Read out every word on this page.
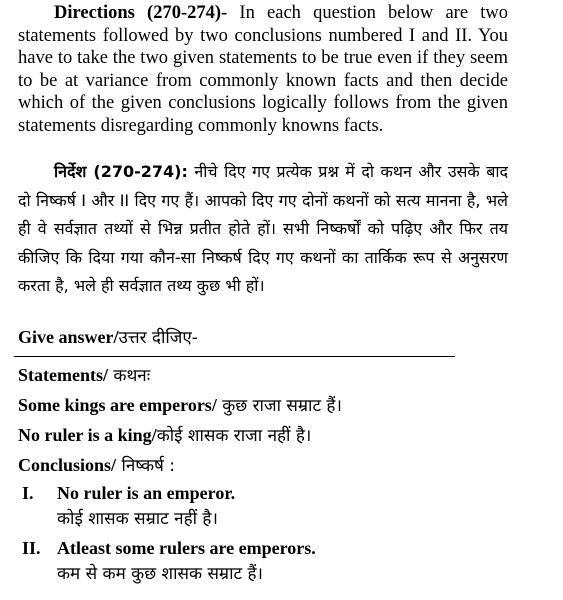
Directions (270-274)- In each question below are two statements followed by two conclusions numbered I and II. You have to take the two given statements to be true even if they seem to be at variance from commonly known facts and then decide which of the given conclusions logically follows from the given statements disregarding commonly knowns facts.
निर्देश (270-274): नीचे दिए गए प्रत्येक प्रश्न में दो कथन और उसके बाद दो निष्कर्ष I और II दिए गए हैं। आपको दिए गए दोनों कथनों को सत्य मानना है, भले ही वे सर्वज्ञात तथ्यों से भिन्न प्रतीत होते हों। सभी निष्कर्षों को पढ़िए और फिर तय कीजिए कि दिया गया कौन-सा निष्कर्ष दिए गए कथनों का तार्किक रूप से अनुसरण करता है, भले ही सर्वज्ञात तथ्य कुछ भी हों।
Give answer/उत्तर दीजिए-
Statements/ कथनः
Some kings are emperors/ कुछ राजा सम्राट हैं।
No ruler is a king/कोई शासक राजा नहीं है।
Conclusions/ निष्कर्ष :
I. No ruler is an emperor.
कोई शासक सम्राट नहीं है।
II. Atleast some rulers are emperors.
कम से कम कुछ शासक सम्राट हैं।
